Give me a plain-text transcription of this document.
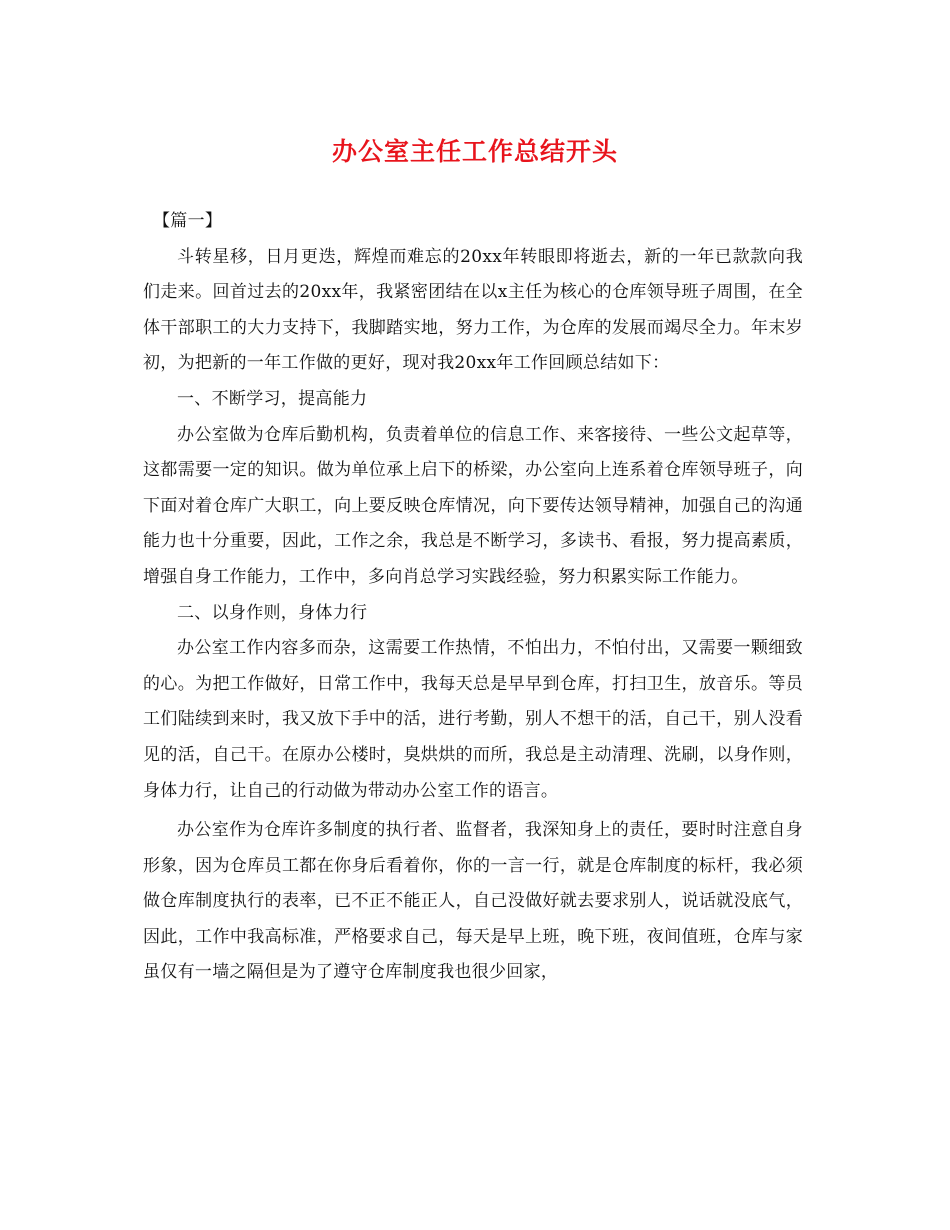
办公室主任工作总结开头

【篇一】

斗转星移，日月更迭，辉煌而难忘的20xx年转眼即将逝去，新的一年已款款向我们走来。回首过去的20xx年，我紧密团结在以x主任为核心的仓库领导班子周围，在全体干部职工的大力支持下，我脚踏实地，努力工作，为仓库的发展而竭尽全力。年末岁初，为把新的一年工作做的更好，现对我20xx年工作回顾总结如下：

一、不断学习，提高能力

办公室做为仓库后勤机构，负责着单位的信息工作、来客接待、一些公文起草等，这都需要一定的知识。做为单位承上启下的桥梁，办公室向上连系着仓库领导班子，向下面对着仓库广大职工，向上要反映仓库情况，向下要传达领导精神，加强自己的沟通能力也十分重要，因此，工作之余，我总是不断学习，多读书、看报，努力提高素质，增强自身工作能力，工作中，多向肖总学习实践经验，努力积累实际工作能力。

二、以身作则，身体力行

办公室工作内容多而杂，这需要工作热情，不怕出力，不怕付出，又需要一颗细致的心。为把工作做好，日常工作中，我每天总是早早到仓库，打扫卫生，放音乐。等员工们陆续到来时，我又放下手中的活，进行考勤，别人不想干的活，自己干，别人没看见的活，自己干。在原办公楼时，臭烘烘的而所，我总是主动清理、洗刷，以身作则，身体力行，让自己的行动做为带动办公室工作的语言。

办公室作为仓库许多制度的执行者、监督者，我深知身上的责任，要时时注意自身形象，因为仓库员工都在你身后看着你，你的一言一行，就是仓库制度的标杆，我必须做仓库制度执行的表率，已不正不能正人，自己没做好就去要求别人，说话就没底气，因此，工作中我高标准，严格要求自己，每天是早上班，晚下班，夜间值班，仓库与家虽仅有一墙之隔但是为了遵守仓库制度我也很少回家，
